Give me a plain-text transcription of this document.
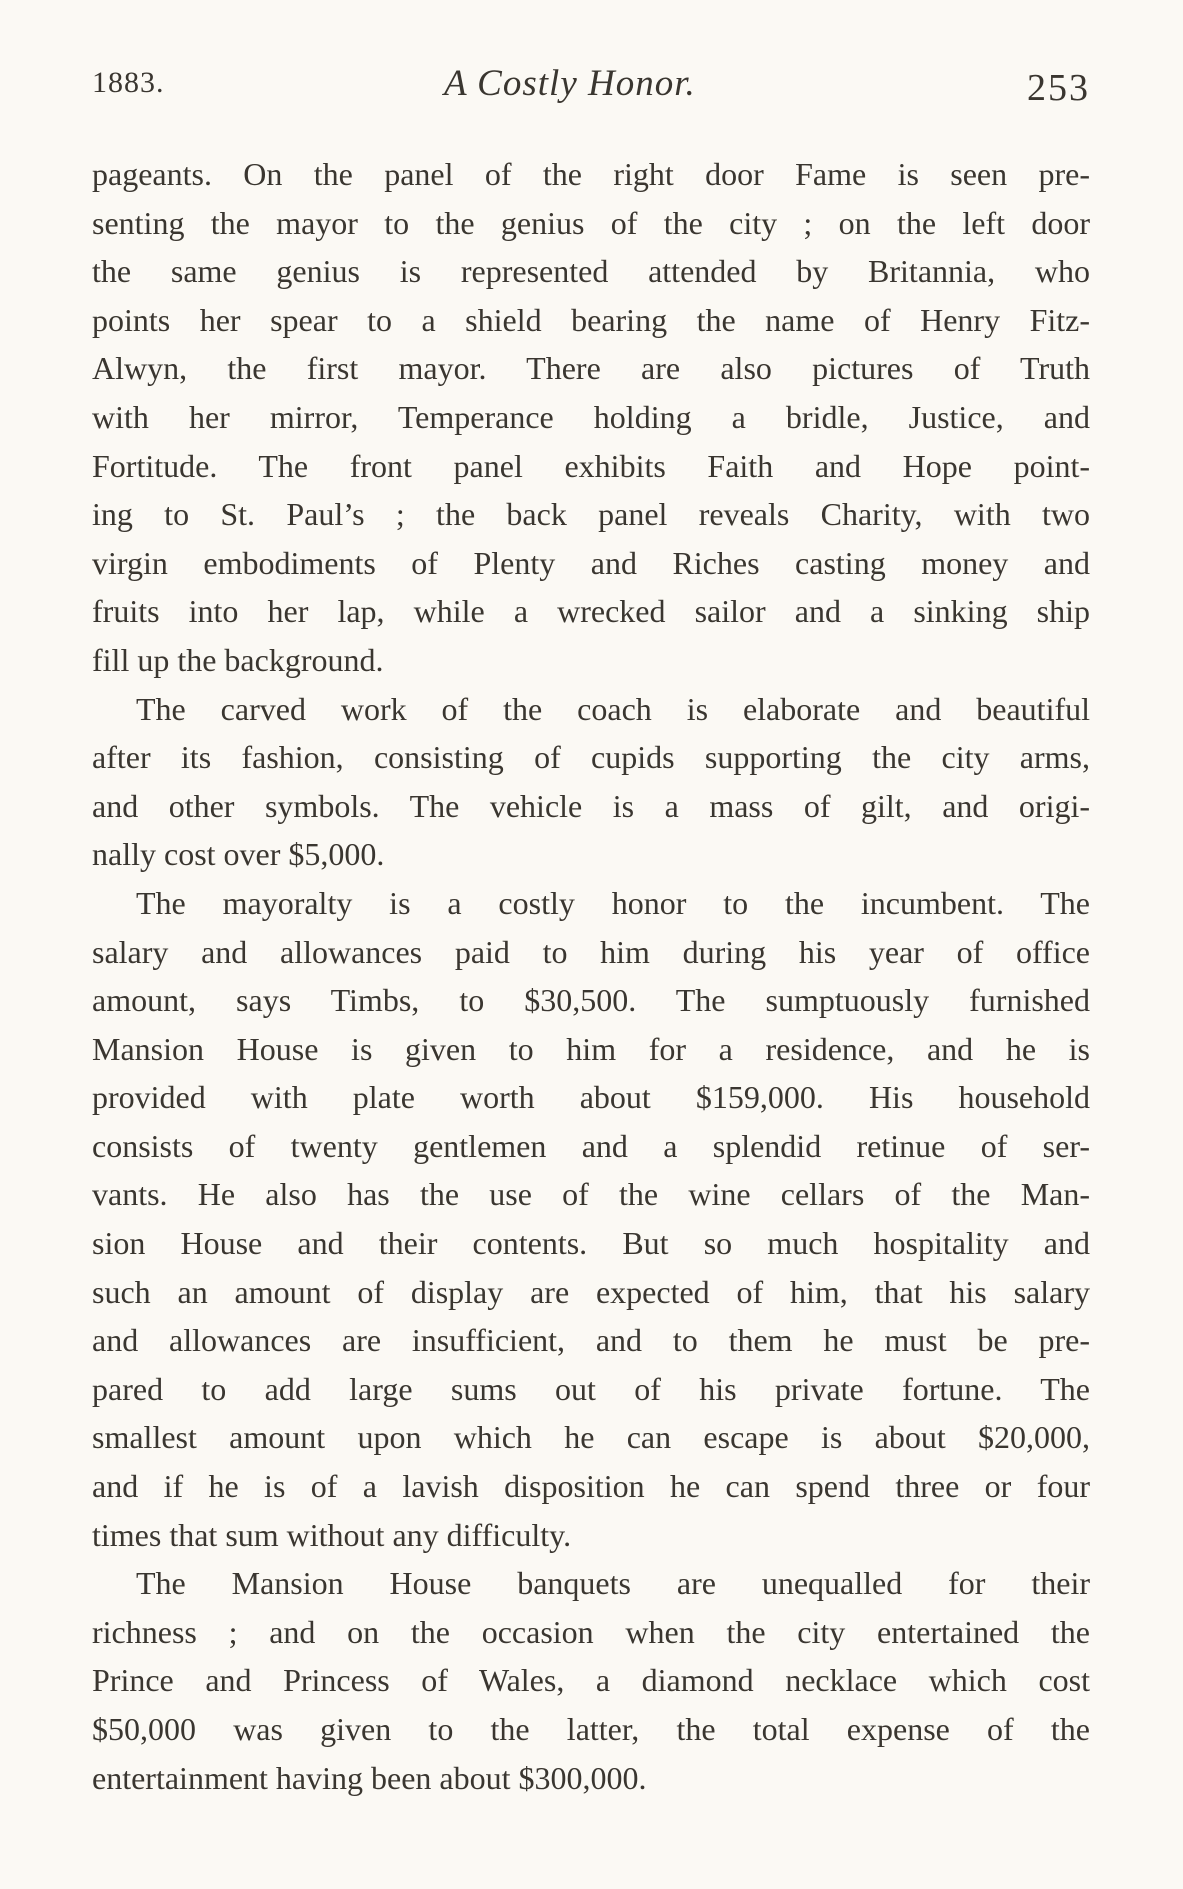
1883.	A Costly Honor.	253
pageants. On the panel of the right door Fame is seen pre-
senting the mayor to the genius of the city ; on the left door
the same genius is represented attended by Britannia, who
points her spear to a shield bearing the name of Henry Fitz-
Alwyn, the first mayor. There are also pictures of Truth
with her mirror, Temperance holding a bridle, Justice, and
Fortitude. The front panel exhibits Faith and Hope point-
ing to St. Paul’s ; the back panel reveals Charity, with two
virgin embodiments of Plenty and Riches casting money and
fruits into her lap, while a wrecked sailor and a sinking ship
fill up the background.
The carved work of the coach is elaborate and beautiful
after its fashion, consisting of cupids supporting the city arms,
and other symbols. The vehicle is a mass of gilt, and origi-
nally cost over $5,000.
The mayoralty is a costly honor to the incumbent. The
salary and allowances paid to him during his year of office
amount, says Timbs, to $30,500. The sumptuously furnished
Mansion House is given to him for a residence, and he is
provided with plate worth about $159,000. His household
consists of twenty gentlemen and a splendid retinue of ser-
vants. He also has the use of the wine cellars of the Man-
sion House and their contents. But so much hospitality and
such an amount of display are expected of him, that his salary
and allowances are insufficient, and to them he must be pre-
pared to add large sums out of his private fortune. The
smallest amount upon which he can escape is about $20,000,
and if he is of a lavish disposition he can spend three or four
times that sum without any difficulty.
The Mansion House banquets are unequalled for their
richness ; and on the occasion when the city entertained the
Prince and Princess of Wales, a diamond necklace which cost
$50,000 was given to the latter, the total expense of the
entertainment having been about $300,000.
